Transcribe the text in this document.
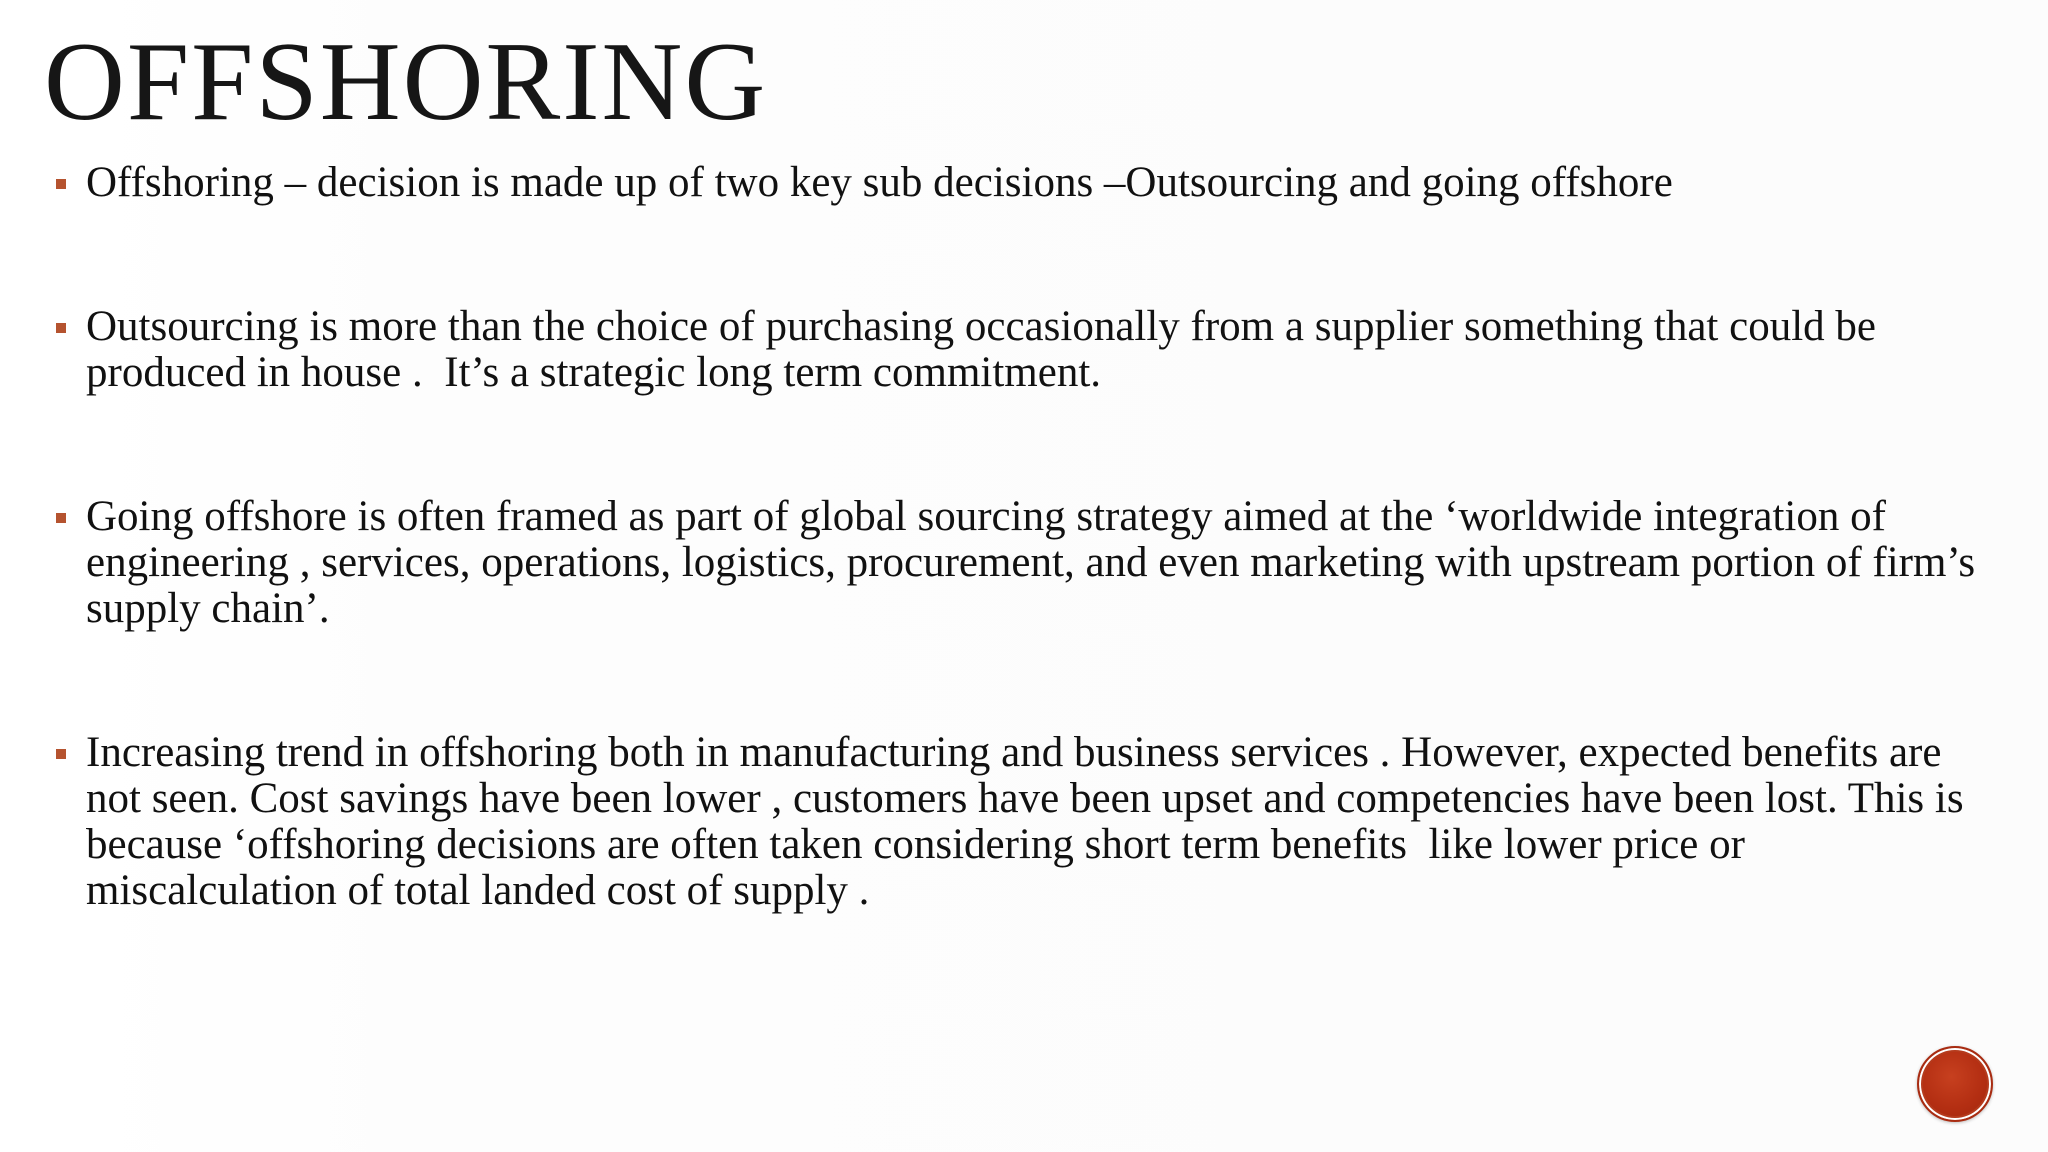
OFFSHORING
Offshoring – decision is made up of two key sub decisions –Outsourcing and going offshore
Outsourcing is more than the choice of purchasing occasionally from a supplier something that could be produced in house .  It’s a strategic long term commitment.
Going offshore is often framed as part of global sourcing strategy aimed at the ‘worldwide integration of engineering , services, operations, logistics, procurement, and even marketing with upstream portion of firm’s supply chain’.
Increasing trend in offshoring both in manufacturing and business services . However, expected benefits are not seen. Cost savings have been lower , customers have been upset and competencies have been lost. This is because ‘offshoring decisions are often taken considering short term benefits  like lower price or miscalculation of total landed cost of supply .
